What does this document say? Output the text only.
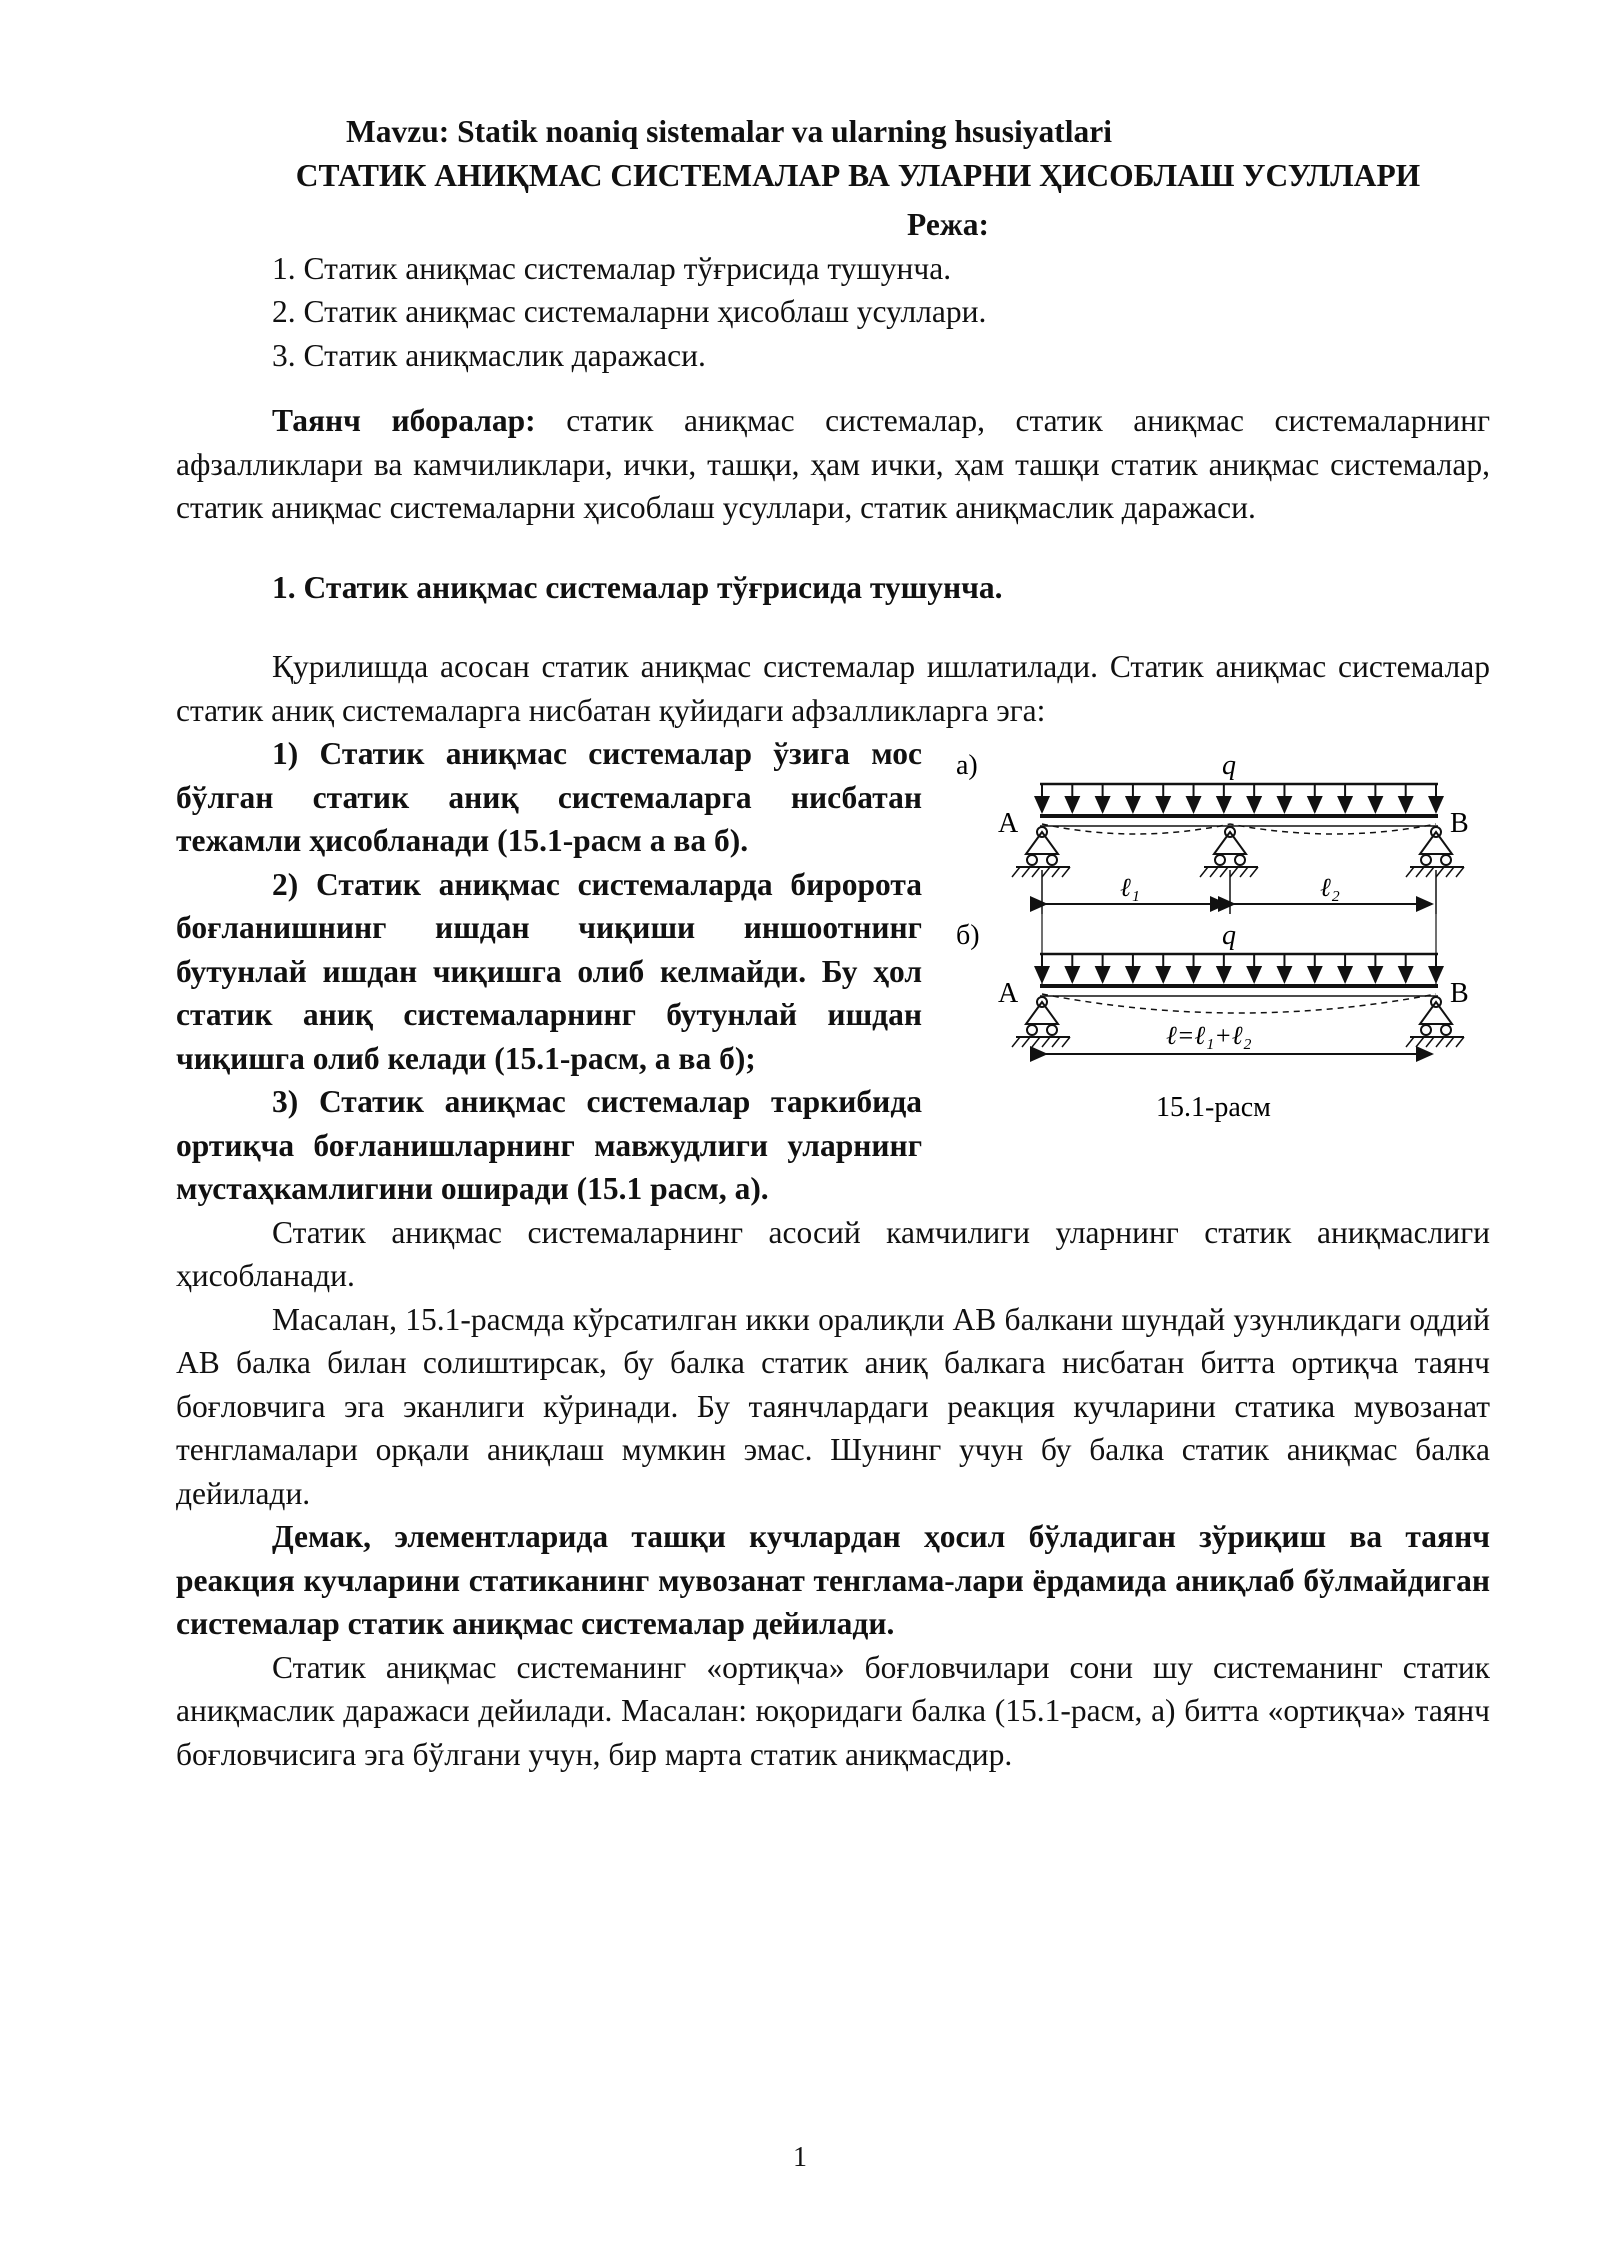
Mavzu: Statik noaniq sistemalar va ularning hsusiyatlari

СТАТИК АНИҚМАС СИСТЕМАЛАР ВА УЛАРНИ ҲИСОБЛАШ УСУЛЛАРИ

Режа:

1. Статик аниқмас системалар тўғрисида тушунча.

2. Статик аниқмас системаларни ҳисоблаш усуллари.

3. Статик аниқмаслик даражаси.

Таянч иборалар: статик аниқмас системалар, статик аниқмас системаларнинг афзалликлари ва камчиликлари, ички, ташқи, ҳам ички, ҳам ташқи статик аниқмас системалар, статик аниқмас системаларни ҳисоблаш усуллари, статик аниқмаслик даражаси.

1. Статик аниқмас системалар тўғрисида тушунча.

Қурилишда асосан статик аниқмас системалар ишлатилади. Статик аниқмас системалар статик аниқ системаларга нисбатан қуйидаги афзалликларга эга:

а)	q
A	B
ℓ₁	ℓ₂
б)	q
A	B
ℓ=ℓ₁+ℓ₂
15.1-расм

1) Статик аниқмас системалар ўзига мос бўлган статик аниқ системаларга нисбатан тежамли ҳисобланади (15.1-расм а ва б).

2) Статик аниқмас системаларда биророта боғланишнинг ишдан чиқиши иншоотнинг бутунлай ишдан чиқишга олиб келмайди. Бу ҳол статик аниқ системаларнинг бутунлай ишдан чиқишга олиб келади (15.1-расм, а ва б);

3) Статик аниқмас системалар таркибида ортиқча боғланишларнинг мавжудлиги уларнинг мустаҳкамлигини оширади (15.1 расм, а).

Статик аниқмас системаларнинг асосий камчилиги уларнинг статик аниқмаслиги ҳисобланади.

Масалан, 15.1-расмда кўрсатилган икки оралиқли АВ балкани шундай узунликдаги оддий АВ балка билан солиштирсак, бу балка статик аниқ балкага нисбатан битта ортиқча таянч боғловчига эга эканлиги кўринади. Бу таянчлардаги реакция кучларини статика мувозанат тенгламалари орқали аниқлаш мумкин эмас. Шунинг учун бу балка статик аниқмас балка дейилади.

Демак, элементларида ташқи кучлардан ҳосил бўладиган зўриқиш ва таянч реакция кучларини статиканинг мувозанат тенглама-лари ёрдамида аниқлаб бўлмайдиган системалар статик аниқмас системалар дейилади.

Статик аниқмас системанинг «ортиқча» боғловчилари сони шу системанинг статик аниқмаслик даражаси дейилади. Масалан: юқоридаги балка (15.1-расм, а) битта «ортиқча» таянч боғловчисига эга бўлгани учун, бир марта статик аниқмасдир.

1
